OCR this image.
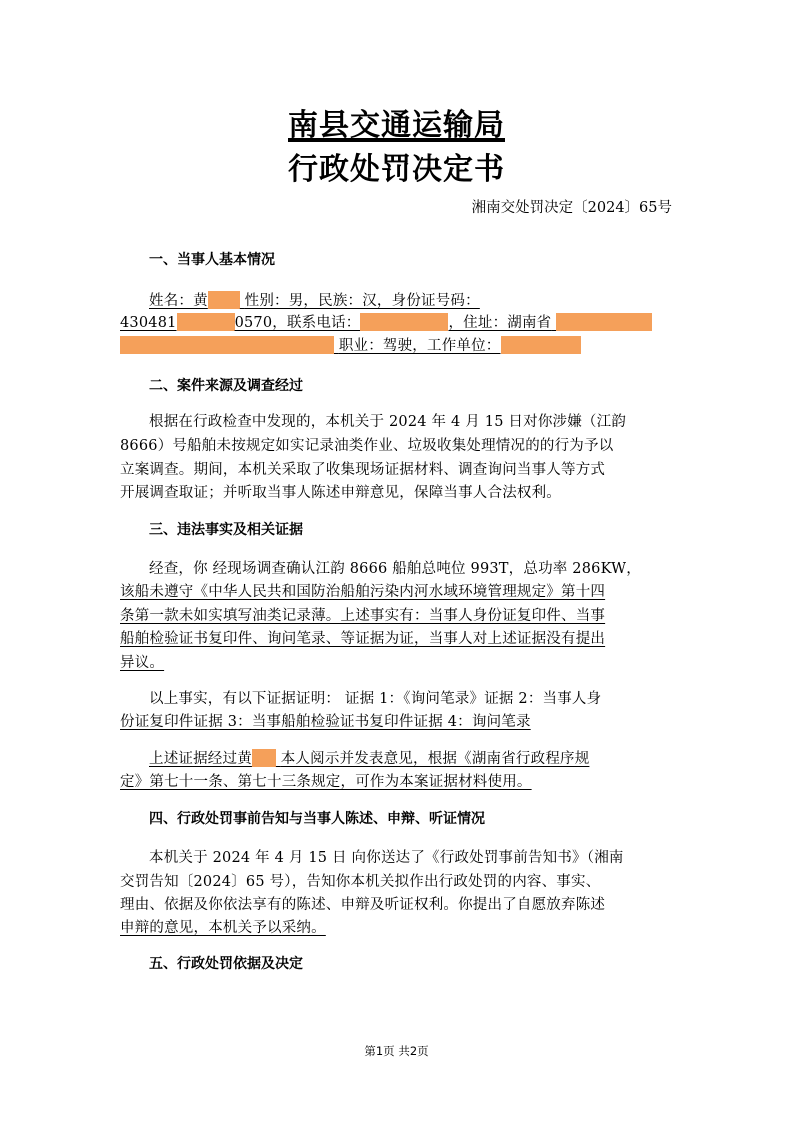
南县交通运输局
行政处罚决定书
湘南交处罚决定〔2024〕65号
一、当事人基本情况
姓名：黄	性别：男，民族：汉，身份证号码：
430481	0570，联系电话：	，住址：湖南省
职业：驾驶，工作单位：
二、案件来源及调查经过
根据在行政检查中发现的，本机关于 2024 年 4 月 15 日对你涉嫌（江韵
8666）号船舶未按规定如实记录油类作业、垃圾收集处理情况的的行为予以
立案调查。期间，本机关采取了收集现场证据材料、调查询问当事人等方式
开展调查取证；并听取当事人陈述申辩意见，保障当事人合法权利。
三、违法事实及相关证据
经查，你 经现场调查确认江韵 8666 船舶总吨位 993T，总功率 286KW，
该船未遵守《中华人民共和国防治船舶污染内河水域环境管理规定》第十四
条第一款未如实填写油类记录薄。上述事实有：当事人身份证复印件、当事
船舶检验证书复印件、询问笔录、等证据为证，当事人对上述证据没有提出
异议。
以上事实，有以下证据证明： 证据 1：《询问笔录》证据 2：当事人身
份证复印件证据 3：当事船舶检验证书复印件证据 4：询问笔录
上述证据经过黄 本人阅示并发表意见，根据《湖南省行政程序规
定》第七十一条、第七十三条规定，可作为本案证据材料使用。
四、行政处罚事前告知与当事人陈述、申辩、听证情况
本机关于 2024 年 4 月 15 日 向你送达了《行政处罚事前告知书》（湘南
交罚告知〔2024〕65 号），告知你本机关拟作出行政处罚的内容、事实、
理由、依据及你依法享有的陈述、申辩及听证权利。你提出了自愿放弃陈述
申辩的意见，本机关予以采纳。
五、行政处罚依据及决定
第1页 共2页
